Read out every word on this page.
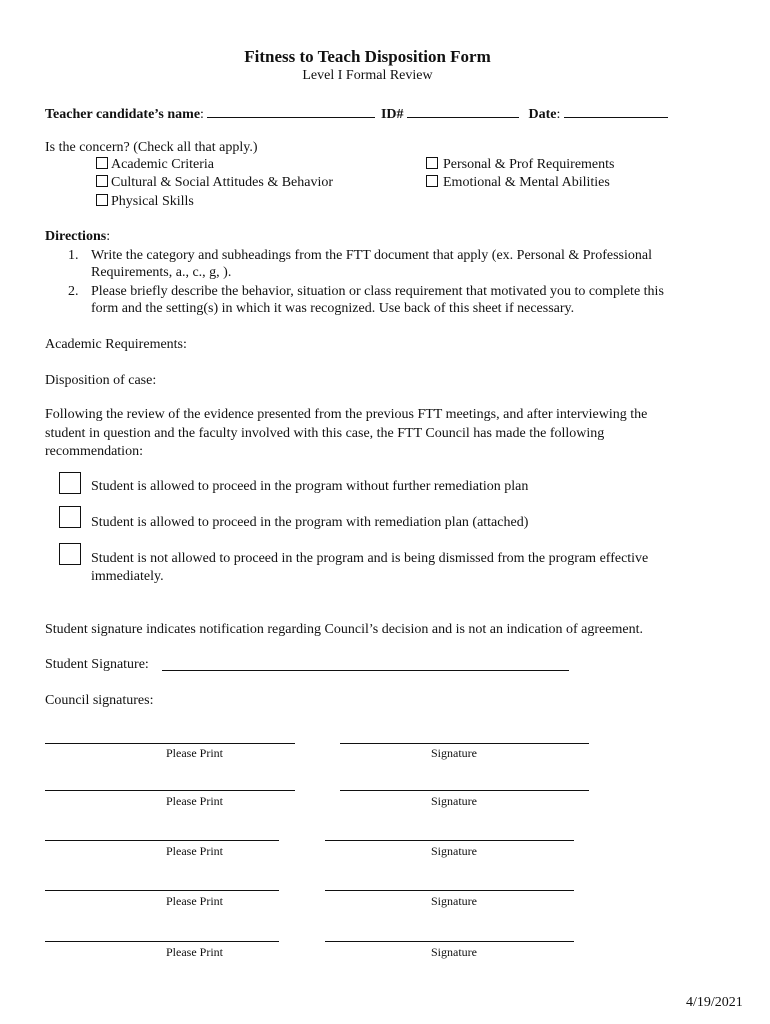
Fitness to Teach Disposition Form
Level I Formal Review
Teacher candidate’s name:	ID#	Date:
Is the concern? (Check all that apply.)
Academic Criteria
Cultural & Social Attitudes & Behavior
Physical Skills
Personal & Prof Requirements
Emotional & Mental Abilities
Directions:
1. Write the category and subheadings from the FTT document that apply (ex. Personal & Professional
Requirements, a., c., g, ).
2. Please briefly describe the behavior, situation or class requirement that motivated you to complete this
form and the setting(s) in which it was recognized. Use back of this sheet if necessary.
Academic Requirements:
Disposition of case:
Following the review of the evidence presented from the previous FTT meetings, and after interviewing the
student in question and the faculty involved with this case, the FTT Council has made the following
recommendation:
Student is allowed to proceed in the program without further remediation plan
Student is allowed to proceed in the program with remediation plan (attached)
Student is not allowed to proceed in the program and is being dismissed from the program effective
immediately.
Student signature indicates notification regarding Council’s decision and is not an indication of agreement.
Student Signature:
Council signatures:
Please Print	Signature
Please Print	Signature
Please Print	Signature
Please Print	Signature
Please Print	Signature
4/19/2021
